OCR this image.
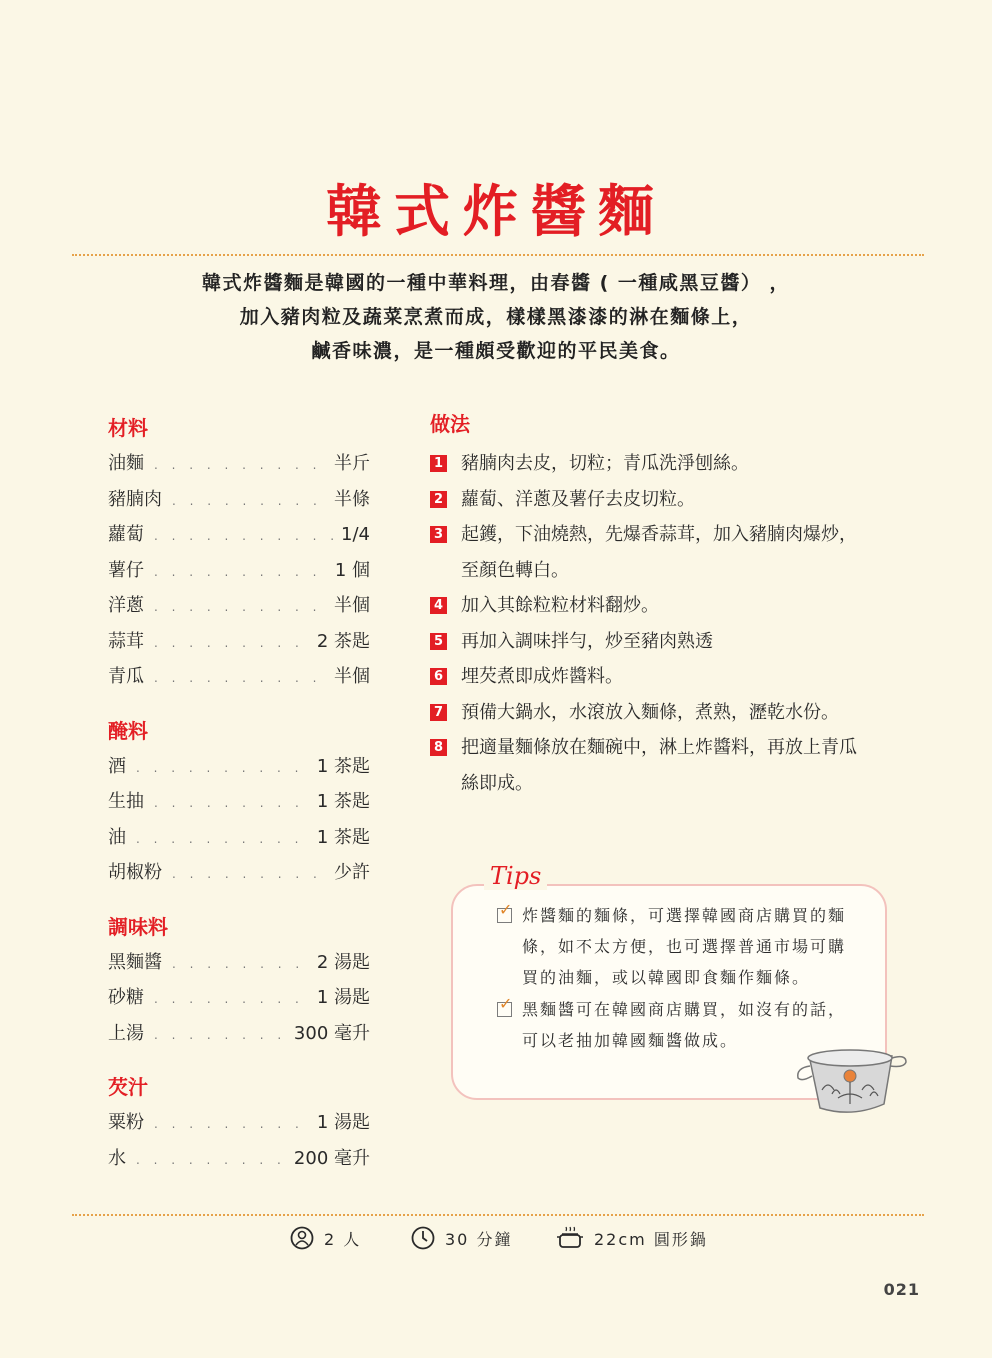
韓式炸醬麵
韓式炸醬麵是韓國的一種中華料理，由春醬 ( 一種咸黑豆醬） ，
加入豬肉粒及蔬菜烹煮而成，樣樣黑漆漆的淋在麵條上，
鹹香味濃，是一種頗受歡迎的平民美食。
材料
油麵 . . .	半斤
豬腩肉 . . .	半條
蘿蔔 . . .	1/4
薯仔 . . .	1 個
洋蔥 . . .	半個
蒜茸 . . .	2 茶匙
青瓜 . . .	半個
醃料
酒 . . .	1 茶匙
生抽 . . .	1 茶匙
油 . . .	1 茶匙
胡椒粉 . . .	少許
調味料
黑麵醬 . . .	2 湯匙
砂糖 . . .	1 湯匙
上湯 . . .	300 毫升
芡汁
粟粉 . . .	1 湯匙
水 . . .	200 毫升
做法
1 豬腩肉去皮，切粒；青瓜洗淨刨絲。
2 蘿蔔、洋蔥及薯仔去皮切粒。
3 起鑊，下油燒熱，先爆香蒜茸，加入豬腩肉爆炒，
至顏色轉白。
4 加入其餘粒粒材料翻炒。
5 再加入調味拌勻，炒至豬肉熟透
6 埋芡煮即成炸醬料。
7 預備大鍋水，水滾放入麵條，煮熟，瀝乾水份。
8 把適量麵條放在麵碗中，淋上炸醬料，再放上青瓜
絲即成。
Tips
✓ 炸醬麵的麵條，可選擇韓國商店購買的麵
條，如不太方便，也可選擇普通市場可購
買的油麵，或以韓國即食麵作麵條。
✓ 黑麵醬可在韓國商店購買，如沒有的話，
可以老抽加韓國麵醬做成。
2 人	30 分鐘	22cm 圓形鍋
021
